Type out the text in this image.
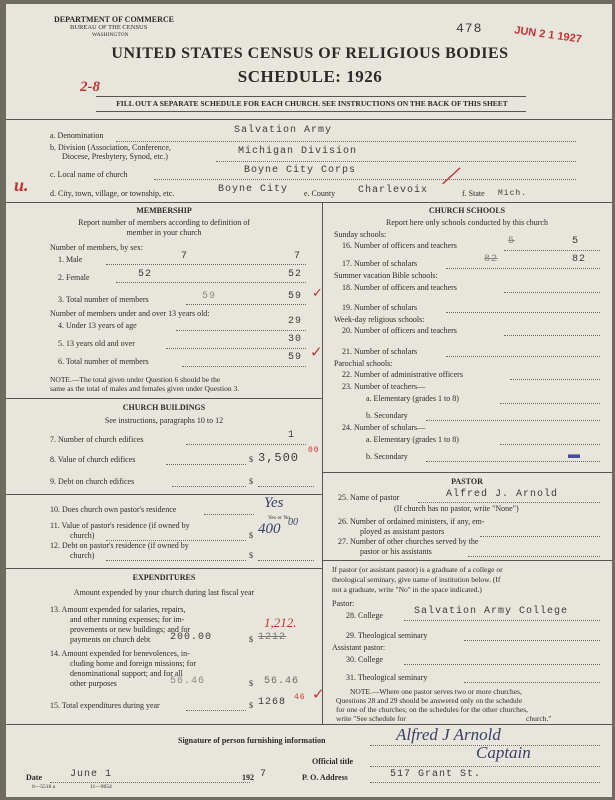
DEPARTMENT OF COMMERCE
BUREAU OF THE CENSUS
WASHINGTON	478	JUN 2 1 1927
UNITED STATES CENSUS OF RELIGIOUS BODIES
SCHEDULE: 1926
2-8
FILL OUT A SEPARATE SCHEDULE FOR EACH CHURCH. SEE INSTRUCTIONS ON THE BACK OF THIS SHEET
a. Denomination	Salvation Army
b. Division (Association, Conference,
Diocese, Presbytery, Synod, etc.)	Michigan Division
c. Local name of church	Boyne City Corps
u.	d. City, town, village, or township, etc.	Boyne City e. County Charlevoix
╱
f. State Mich.
MEMBERSHIP
Report number of members according to definition of
member in your church
Number of members, by sex:
1. Male	7	7
2. Female	52	52
3. Total number of members	59	59 ✓
Number of members under and over 13 years old:
4. Under 13 years of age	29
5. 13 years old and over	30
6. Total number of members	59 ✓
NOTE.—The total given under Question 6 should be the
same as the total of males and females given under Question 3.
CHURCH BUILDINGS
See instructions, paragraphs 10 to 12
7. Number of church edifices	1
8. Value of church edifices	$ 3,500
00
9. Debt on church edifices	$
10. Does church own pastor's residence	Yes
Yes or No
11. Value of pastor's residence (if owned by
church)	$ 400 00
12. Debt on pastor's residence (if owned by
church)	$
EXPENDITURES
Amount expended by your church during last fiscal year
13. Amount expended for salaries, repairs,
and other running expenses; for im-
provements or new buildings; and for
payments on church debt
1,212.
$
200.00	1212
14. Amount expended for benevolences, in-
cluding home and foreign missions; for
denominational support; and for all
other purposes	56.46	$ 56.46
15. Total expenditures during year	$ 1268 46 ✓
CHURCH SCHOOLS
Report here only schools conducted by this church
Sunday schools:
16. Number of officers and teachers	5	5
17. Number of scholars	82	82
Summer vacation Bible schools:
18. Number of officers and teachers
19. Number of scholars
Week-day religious schools:
20. Number of officers and teachers
21. Number of scholars
Parochial schools:
22. Number of administrative officers
23. Number of teachers—
a. Elementary (grades 1 to 8)
b. Secondary
24. Number of scholars—
a. Elementary (grades 1 to 8)
b. Secondary	▬
PASTOR
25. Name of pastor	Alfred J. Arnold
(If church has no pastor, write "None")
26. Number of ordained ministers, if any, em-
ployed as assistant pastors
27. Number of other churches served by the
pastor or his assistants
If pastor (or assistant pastor) is a graduate of a college or
theological seminary, give name of institution below. (If
not a graduate, write "No" in the space indicated.)
Pastor:
28. College	Salvation Army College
29. Theological seminary
Assistant pastor:
30. College
31. Theological seminary
NOTE.—Where one pastor serves two or more churches,
Questions 28 and 29 should be answered only on the schedule
for one of the churches; on the schedules for the other churches,
write "See schedule for	church."
Signature of person furnishing information	Alfred J Arnold
Official title	Captain
Date	June 1	192 7
6—5518 a	11—9654
P. O. Address	517 Grant St.
